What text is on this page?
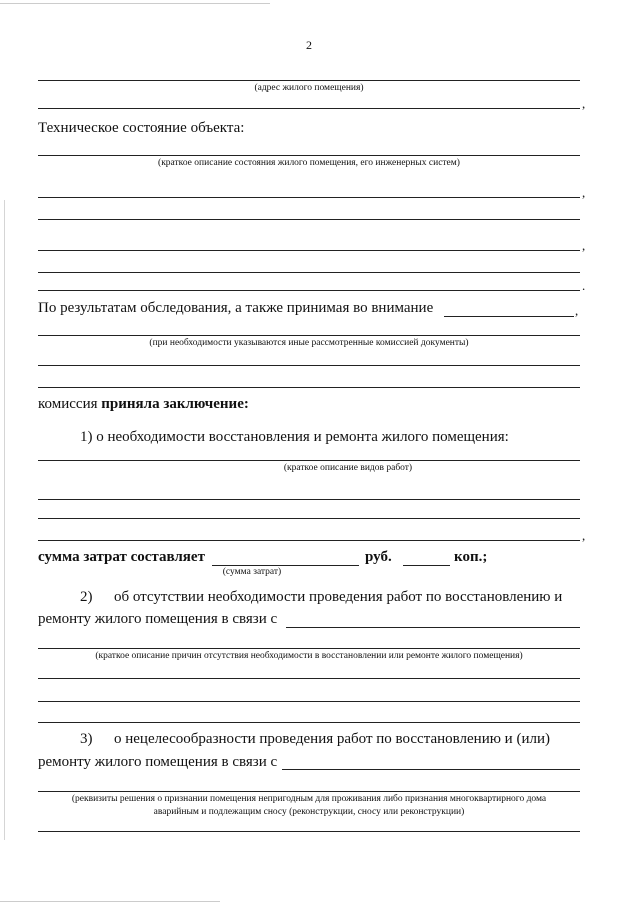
2
(адрес жилого помещения)
,
Техническое состояние объекта:
(краткое описание состояния жилого помещения, его инженерных систем)
,
,
.
По результатам обследования, а также принимая во внимание	,
(при необходимости указываются иные рассмотренные комиссией документы)
комиссия приняла заключение:
1) о необходимости восстановления и ремонта жилого помещения:
(краткое описание видов работ)
,
сумма затрат составляет	руб.	коп.;
(сумма затрат)
2) об отсутствии необходимости проведения работ по восстановлению и
ремонту жилого помещения в связи с
(краткое описание причин отсутствия необходимости в восстановлении или ремонте жилого помещения)
3) о нецелесообразности проведения работ по восстановлению и (или)
ремонту жилого помещения в связи с
(реквизиты решения о признании помещения непригодным для проживания либо признания многоквартирного дома
аварийным и подлежащим сносу (реконструкции, сносу или реконструкции)
